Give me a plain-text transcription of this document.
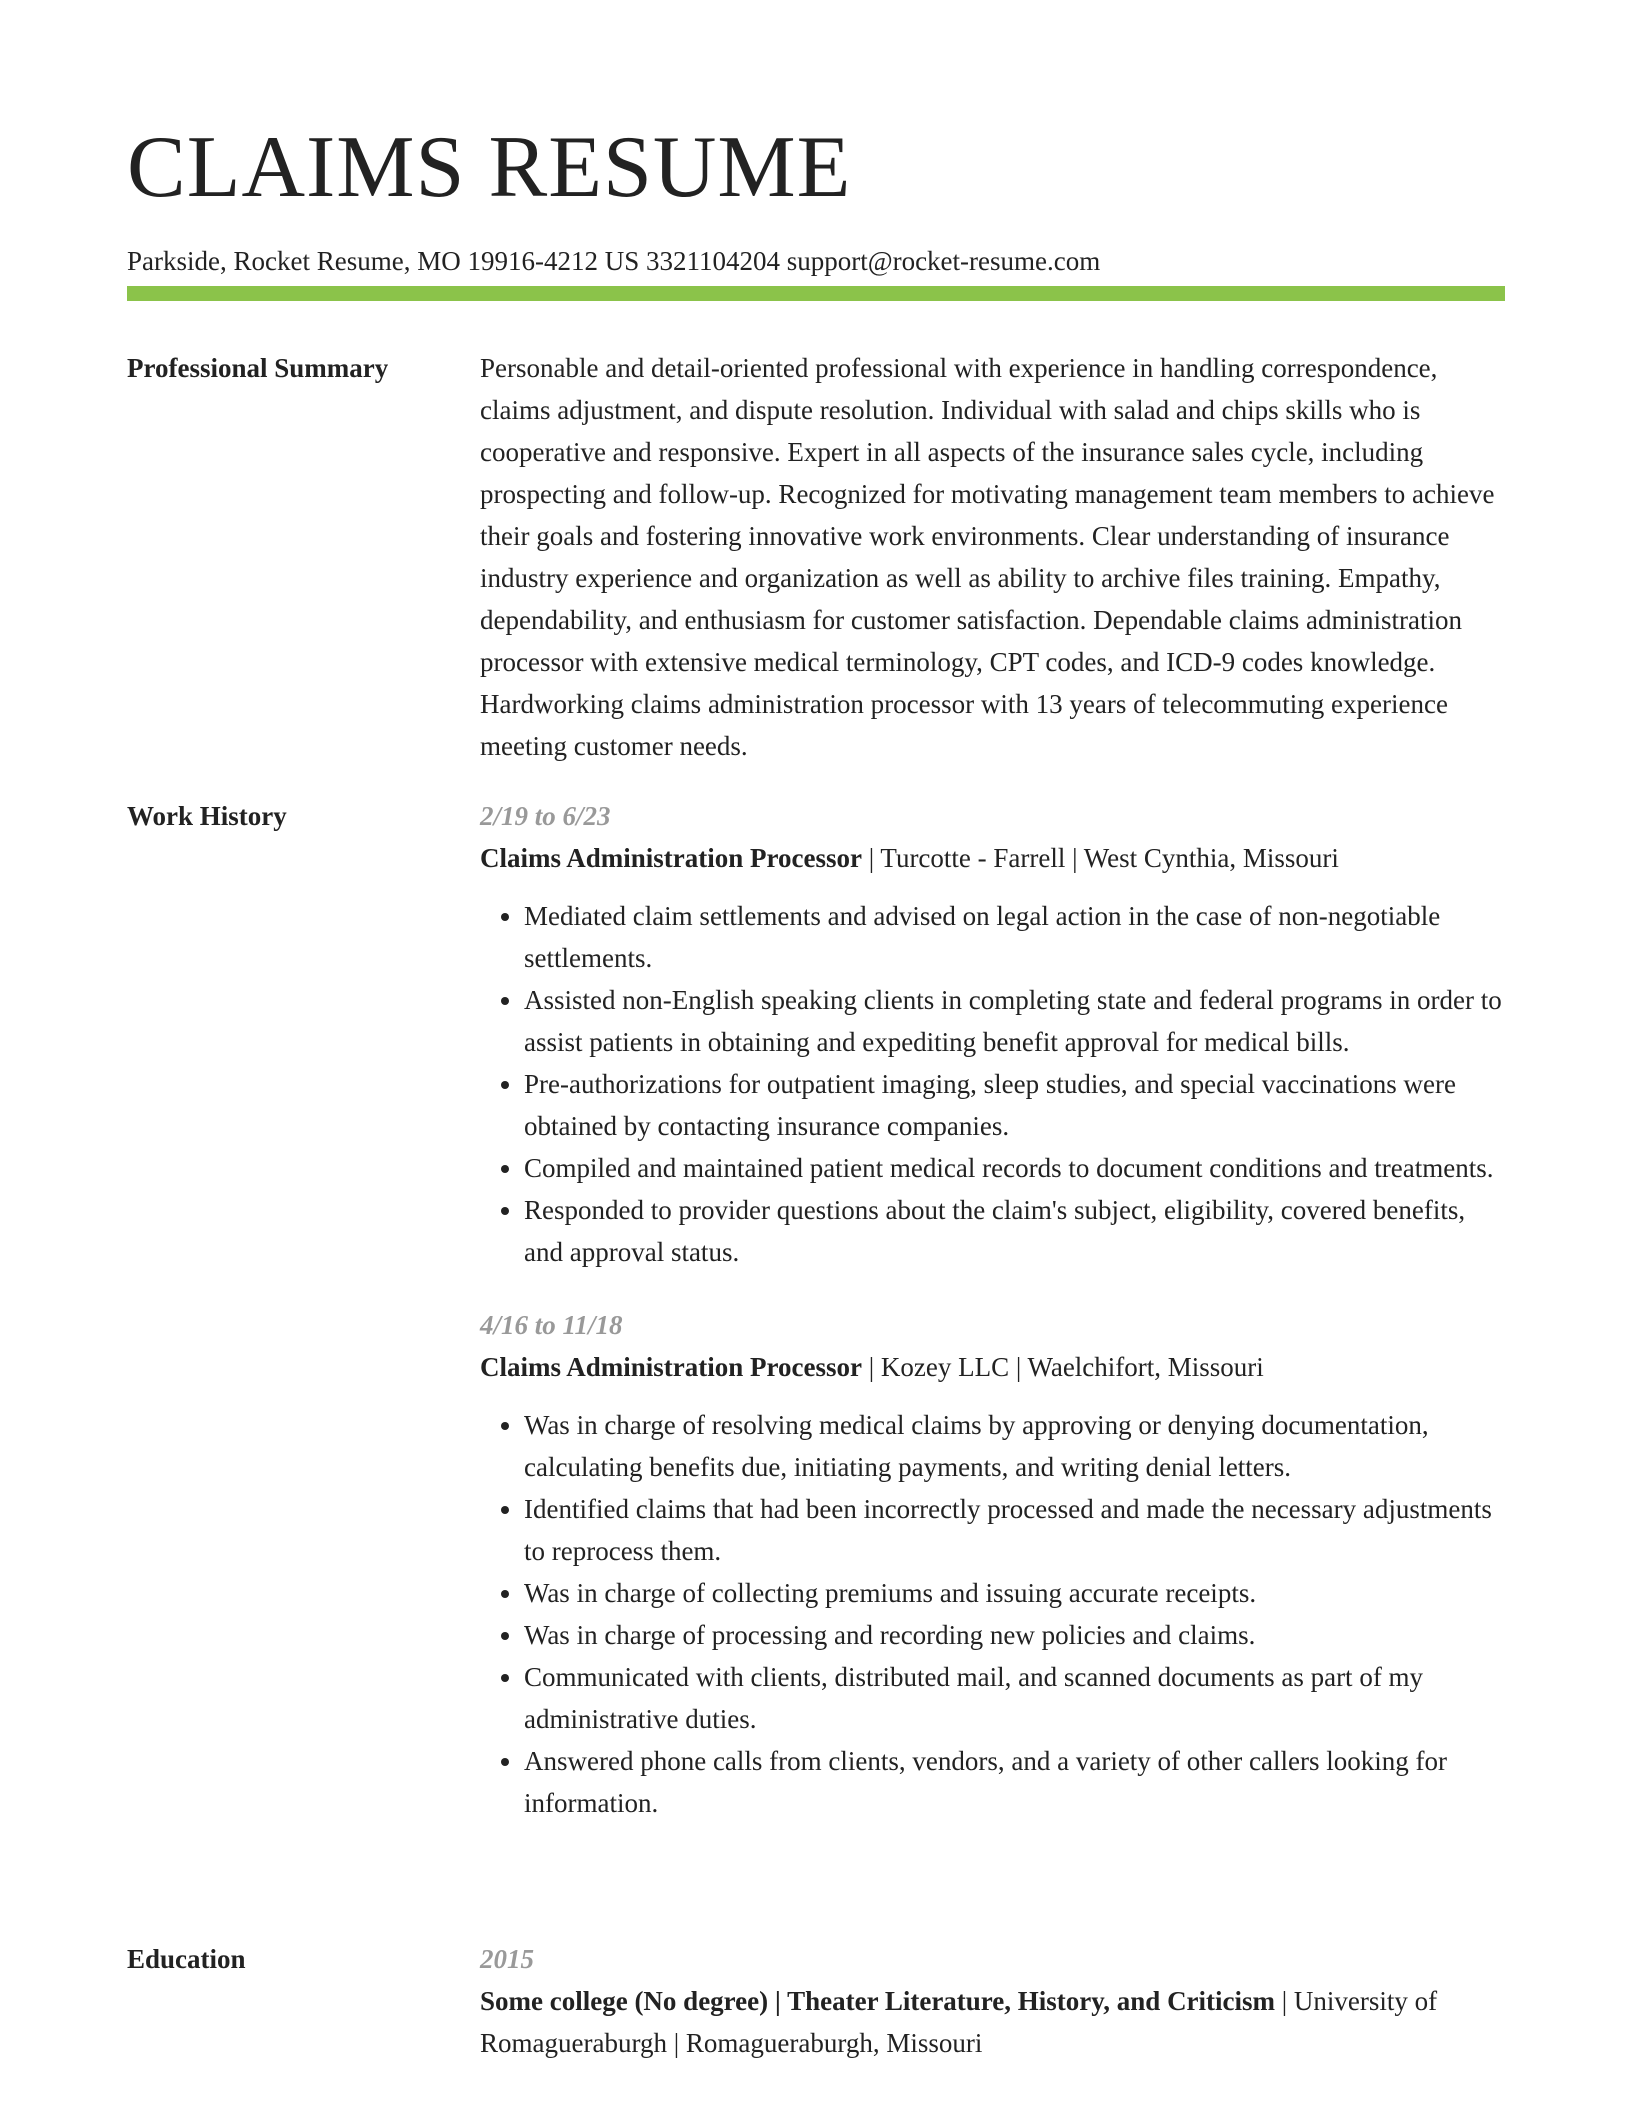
CLAIMS RESUME
Parkside, Rocket Resume, MO 19916-4212 US 3321104204 support@rocket-resume.com
Professional Summary	Personable and detail-oriented professional with experience in handling correspondence, claims adjustment, and dispute resolution. Individual with salad and chips skills who is cooperative and responsive. Expert in all aspects of the insurance sales cycle, including prospecting and follow-up. Recognized for motivating management team members to achieve their goals and fostering innovative work environments. Clear understanding of insurance industry experience and organization as well as ability to archive files training. Empathy, dependability, and enthusiasm for customer satisfaction. Dependable claims administration processor with extensive medical terminology, CPT codes, and ICD-9 codes knowledge. Hardworking claims administration processor with 13 years of telecommuting experience meeting customer needs.
Work History	2/19 to 6/23
Claims Administration Processor | Turcotte - Farrell | West Cynthia, Missouri
• Mediated claim settlements and advised on legal action in the case of non-negotiable settlements.
• Assisted non-English speaking clients in completing state and federal programs in order to assist patients in obtaining and expediting benefit approval for medical bills.
• Pre-authorizations for outpatient imaging, sleep studies, and special vaccinations were obtained by contacting insurance companies.
• Compiled and maintained patient medical records to document conditions and treatments.
• Responded to provider questions about the claim's subject, eligibility, covered benefits, and approval status.
4/16 to 11/18
Claims Administration Processor | Kozey LLC | Waelchifort, Missouri
• Was in charge of resolving medical claims by approving or denying documentation, calculating benefits due, initiating payments, and writing denial letters.
• Identified claims that had been incorrectly processed and made the necessary adjustments to reprocess them.
• Was in charge of collecting premiums and issuing accurate receipts.
• Was in charge of processing and recording new policies and claims.
• Communicated with clients, distributed mail, and scanned documents as part of my administrative duties.
• Answered phone calls from clients, vendors, and a variety of other callers looking for information.
Education	2015
Some college (No degree) | Theater Literature, History, and Criticism | University of Romagueraburgh | Romagueraburgh, Missouri
